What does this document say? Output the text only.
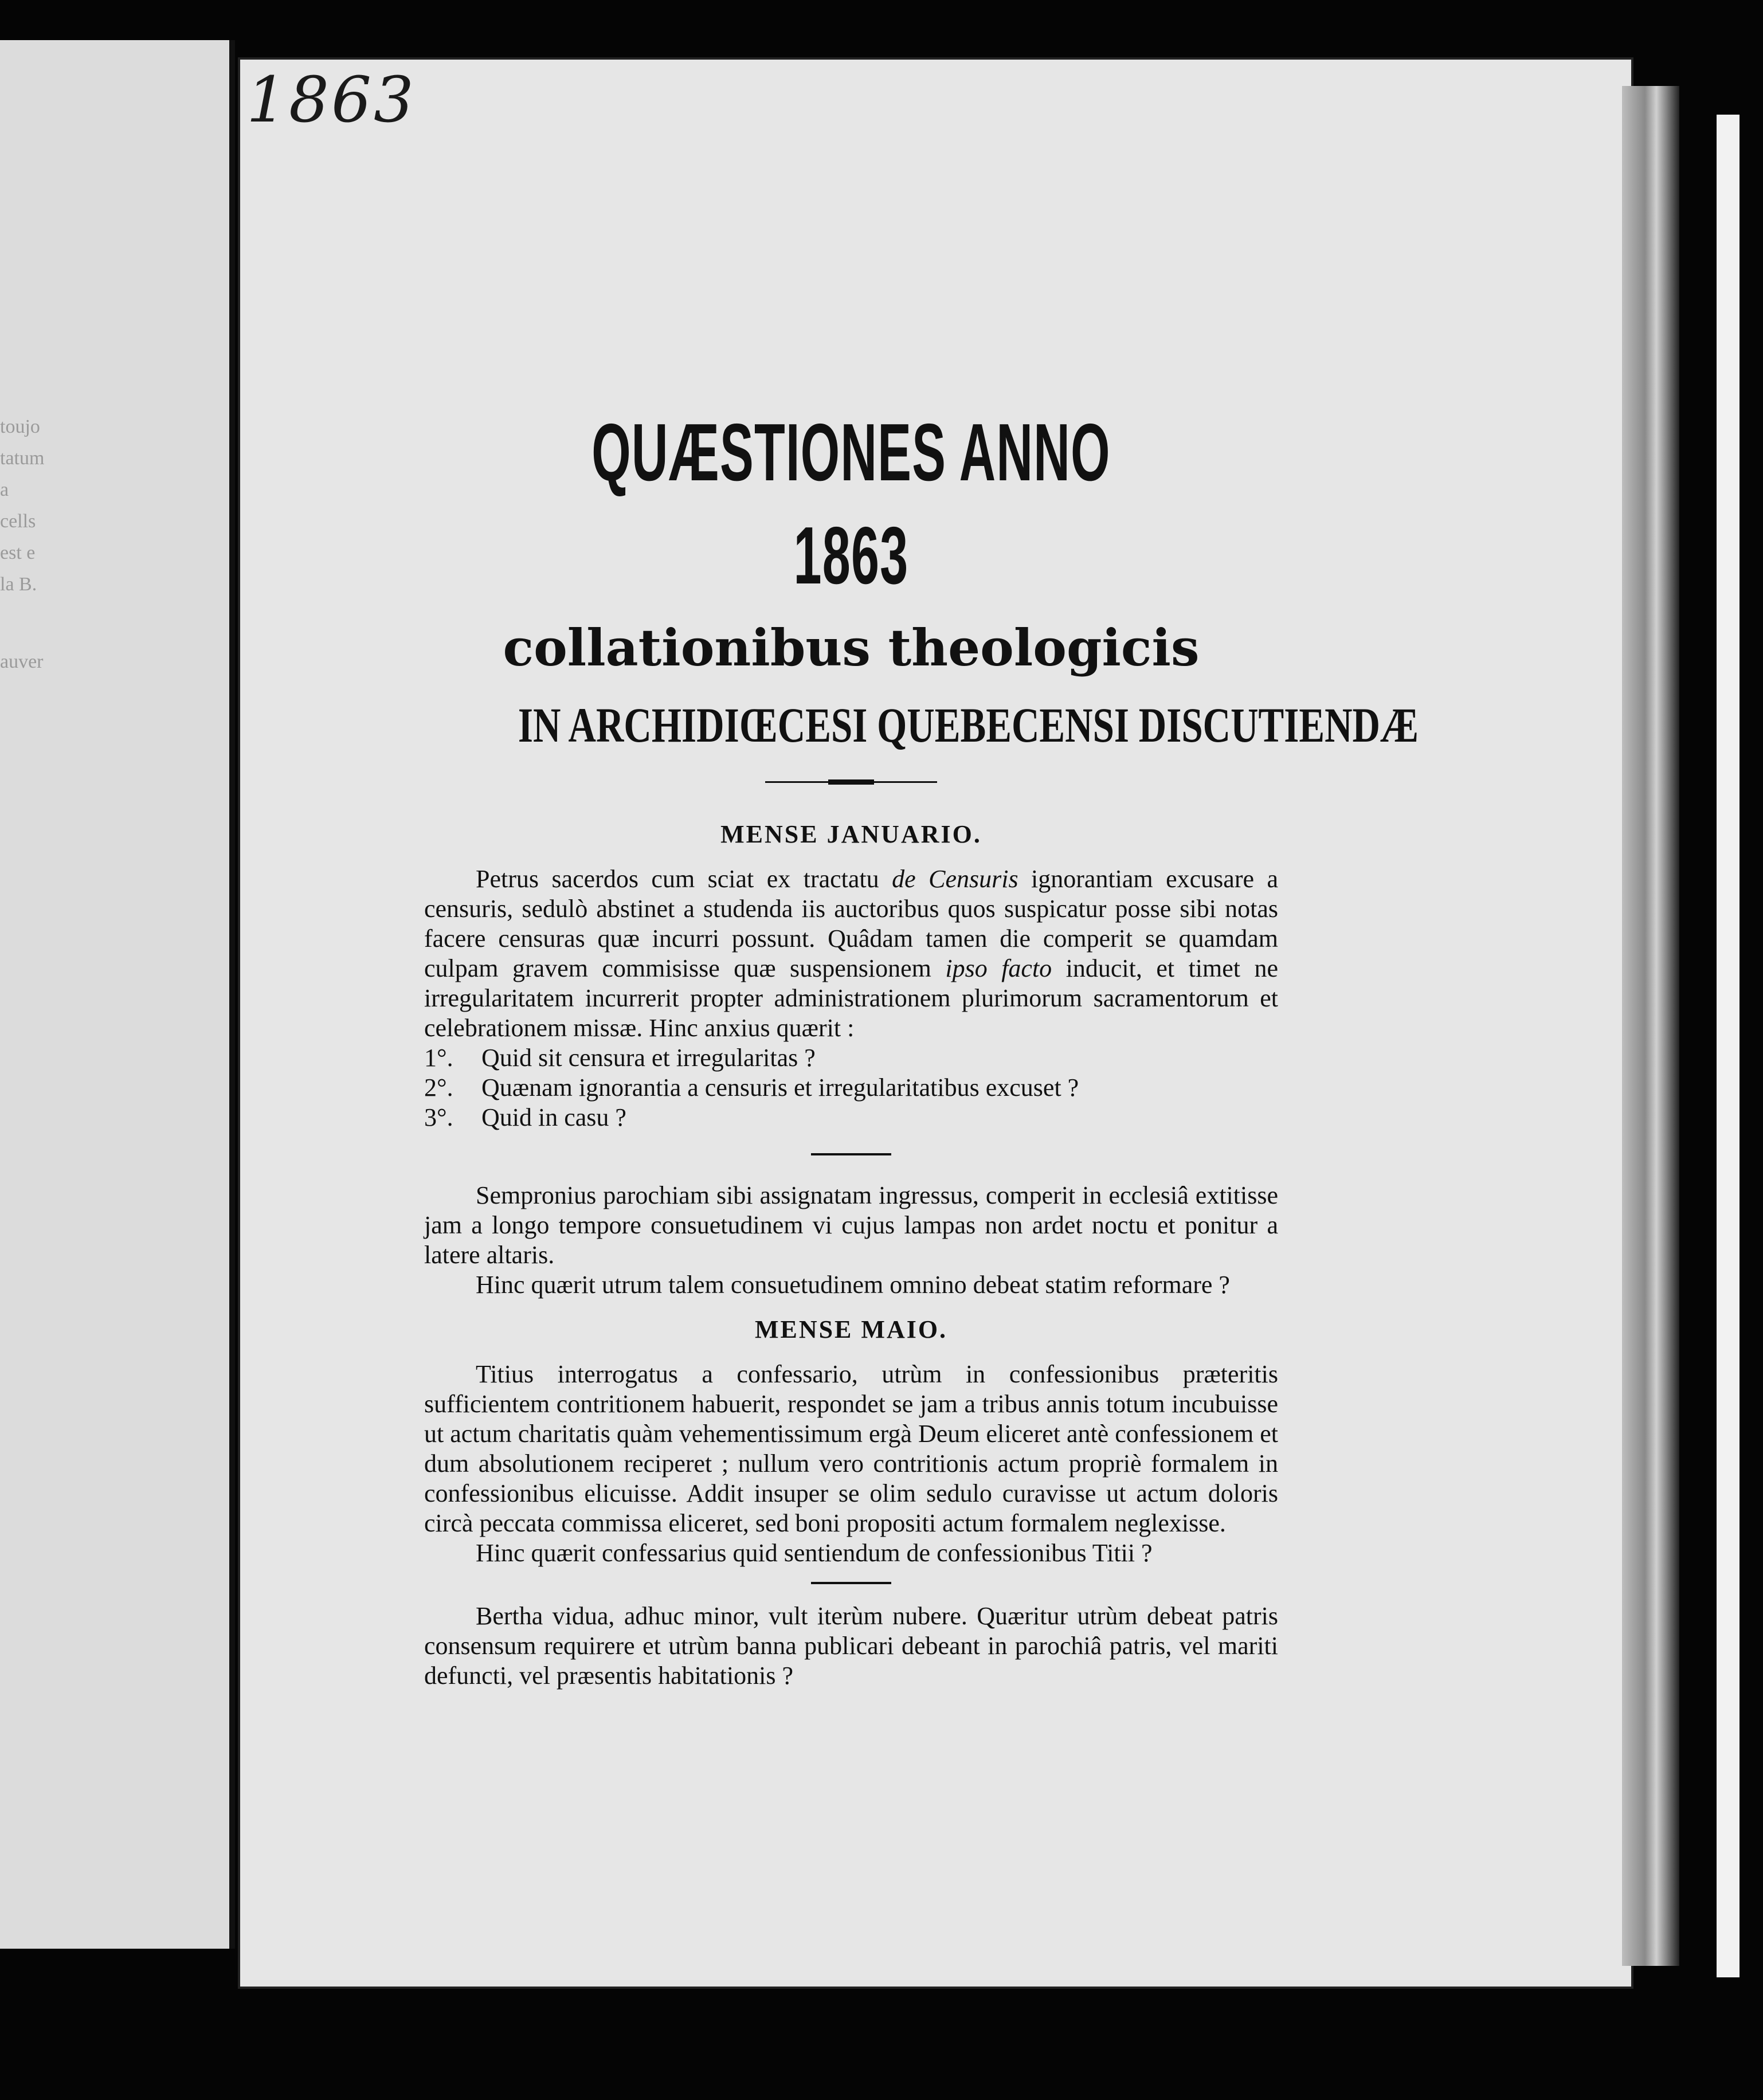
toujo
tatum
a
cells
est e
la B.
auver
1863
QUÆSTIONES ANNO 1863
collationibus theologicis
IN ARCHIDIŒCESI QUEBECENSI DISCUTIENDÆ
MENSE JANUARIO.

Petrus sacerdos cum sciat ex tractatu de Censuris ignorantiam excusare a censuris, sedulò abstinet a studenda iis auctoribus quos suspicatur posse sibi notas facere censuras quæ incurri possunt. Quâdam tamen die comperit se quamdam culpam gravem commisisse quæ suspensionem ipso facto inducit, et timet ne irregularitatem incurrerit propter administrationem plurimorum sacramentorum et celebrationem missæ. Hinc anxius quærit :

1°.	Quid sit censura et irregularitas ?
2°.	Quænam ignorantia a censuris et irregularitatibus excuset ?
3°.	Quid in casu ?

Sempronius parochiam sibi assignatam ingressus, comperit in ecclesiâ extitisse jam a longo tempore consuetudinem vi cujus lampas non ardet noctu et ponitur a latere altaris.

Hinc quærit utrum talem consuetudinem omnino debeat statim reformare ?

MENSE MAIO.

Titius interrogatus a confessario, utrùm in confessionibus præteritis sufficientem contritionem habuerit, respondet se jam a tribus annis totum incubuisse ut actum charitatis quàm vehementissimum ergà Deum eliceret antè confessionem et dum absolutionem reciperet ; nullum vero contritionis actum propriè formalem in confessionibus elicuisse. Addit insuper se olim sedulo curavisse ut actum doloris circà peccata commissa eliceret, sed boni propositi actum formalem neglexisse.

Hinc quærit confessarius quid sentiendum de confessionibus Titii ?

Bertha vidua, adhuc minor, vult iterùm nubere. Quæritur utrùm debeat patris consensum requirere et utrùm banna publicari debeant in parochiâ patris, vel mariti defuncti, vel præsentis habitationis ?
